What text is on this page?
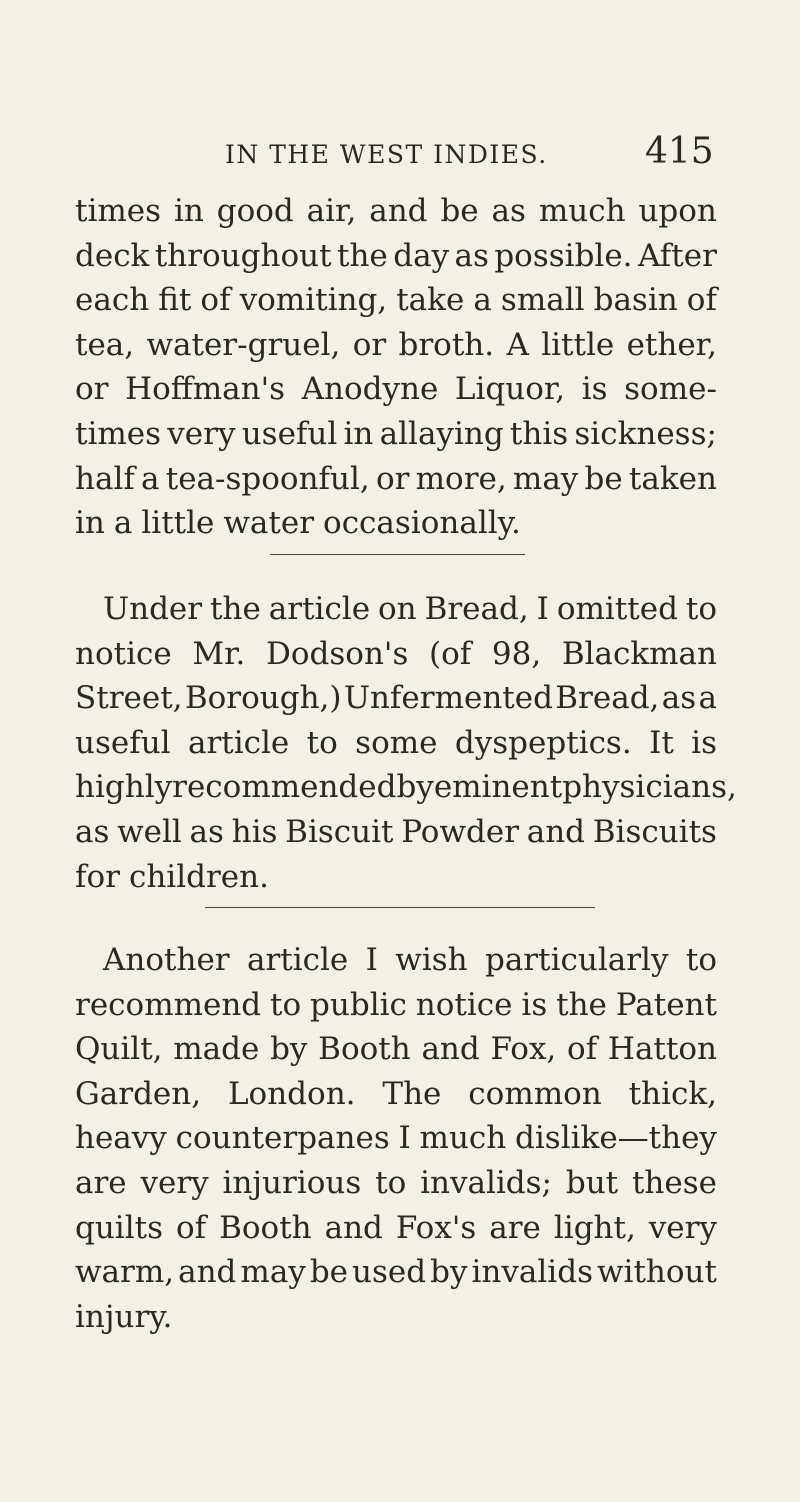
IN THE WEST INDIES.	415
times in good air, and be as much upon
deck throughout the day as possible. After
each fit of vomiting, take a small basin of
tea, water-gruel, or broth. A little ether,
or Hoffman's Anodyne Liquor, is some-
times very useful in allaying this sickness;
half a tea-spoonful, or more, may be taken
in a little water occasionally.
Under the article on Bread, I omitted to
notice Mr. Dodson's (of 98, Blackman
Street, Borough,) Unfermented Bread, as a
useful article to some dyspeptics. It is
highly recommended by eminent physicians,
as well as his Biscuit Powder and Biscuits
for children.
Another article I wish particularly to
recommend to public notice is the Patent
Quilt, made by Booth and Fox, of Hatton
Garden, London. The common thick,
heavy counterpanes I much dislike—they
are very injurious to invalids; but these
quilts of Booth and Fox's are light, very
warm, and may be used by invalids without
injury.
